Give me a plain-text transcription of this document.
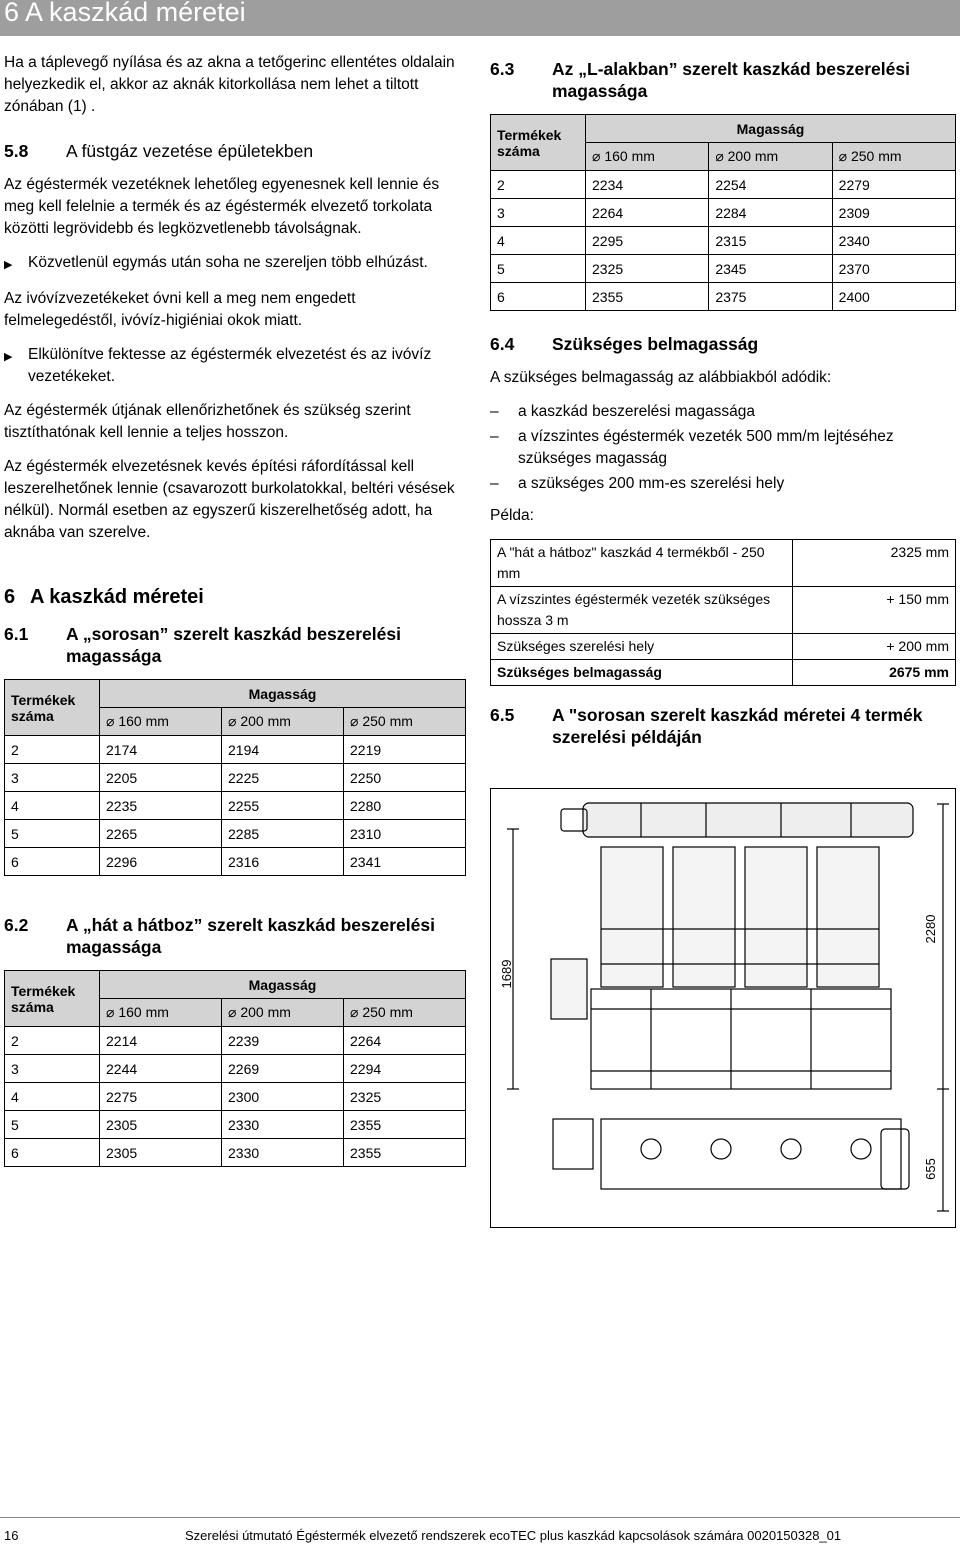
6 A kaszkád méretei

Ha a táplevegő nyílása és az akna a tetőgerinc ellentétes oldalain helyezkedik el, akkor az aknák kitorkollása nem lehet a tiltott zónában (1) .

5.8	A füstgáz vezetése épületekben

Az égéstermék vezetéknek lehetőleg egyenesnek kell lennie és meg kell felelnie a termék és az égéstermék elvezető torkolata közötti legrövidebb és legközvetlenebb távolságnak.

▶	Közvetlenül egymás után soha ne szereljen több elhúzást.

Az ivóvízvezetékeket óvni kell a meg nem engedett felmelegedéstől, ivóvíz-higiéniai okok miatt.

▶	Elkülönítve fektesse az égéstermék elvezetést és az ivóvíz vezetékeket.

Az égéstermék útjának ellenőrizhetőnek és szükség szerint tisztíthatónak kell lennie a teljes hosszon.

Az égéstermék elvezetésnek kevés építési ráfordítással kell leszerelhetőnek lennie (csavarozott burkolatokkal, beltéri vésések nélkül). Normál esetben az egyszerű kiszerelhetőség adott, ha aknába van szerelve.

6 A kaszkád méretei
6.1	A „sorosan” szerelt kaszkád beszerelési magassága
Termékek
száma	Magasság		
	⌀ 160 mm	⌀ 200 mm	⌀ 250 mm
2	2174	2194	2219
3	2205	2225	2250
4	2235	2255	2280
5	2265	2285	2310
6	2296	2316	2341
6.2	A „hát a hátboz” szerelt kaszkád beszerelési magassága
Termékek
száma	Magasság		
	⌀ 160 mm	⌀ 200 mm	⌀ 250 mm
2	2214	2239	2264
3	2244	2269	2294
4	2275	2300	2325
5	2305	2330	2355
6	2305	2330	2355
6.3	Az „L-alakban” szerelt kaszkád beszerelési magassága
Termékek
száma	Magasság		
	⌀ 160 mm	⌀ 200 mm	⌀ 250 mm
2	2234	2254	2279
3	2264	2284	2309
4	2295	2315	2340
5	2325	2345	2370
6	2355	2375	2400
6.4	Szükséges belmagasság

A szükséges belmagasság az alábbiakból adódik:

–	a kaszkád beszerelési magassága
–	a vízszintes égéstermék vezeték 500 mm/m lejtéséhez szükséges magasság
–	a szükséges 200 mm-es szerelési hely

Példa:

A "hát a hátboz" kaszkád 4 termékből - 250 mm	2325 mm
A vízszintes égéstermék vezeték szükséges hossza 3 m	+ 150 mm
Szükséges szerelési hely	+ 200 mm
Szükséges belmagasság	2675 mm
6.5	A "sorosan szerelt kaszkád méretei 4 termék szerelési példáján
1689
2280
655
16	Szerelési útmutató Égéstermék elvezető rendszerek ecoTEC plus kaszkád kapcsolások számára 0020150328_01
